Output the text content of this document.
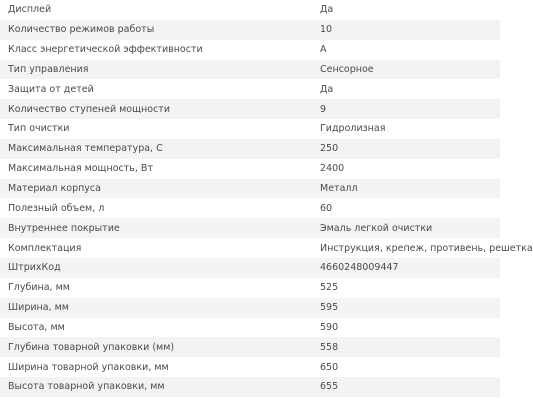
Дисплей	Да
Количество режимов работы	10
Класс энергетической эффективности	A
Тип управления	Сенсорное
Защита от детей	Да
Количество ступеней мощности	9
Тип очистки	Гидролизная
Максимальная температура, С	250
Максимальная мощность, Вт	2400
Материал корпуса	Металл
Полезный объем, л	60
Внутреннее покрытие	Эмаль легкой очистки
Комплектация	Инструкция, крепеж, противень, решетка
ШтрихКод	4660248009447
Глубина, мм	525
Ширина, мм	595
Высота, мм	590
Глубина товарной упаковки (мм)	558
Ширина товарной упаковки, мм	650
Высота товарной упаковки, мм	655
